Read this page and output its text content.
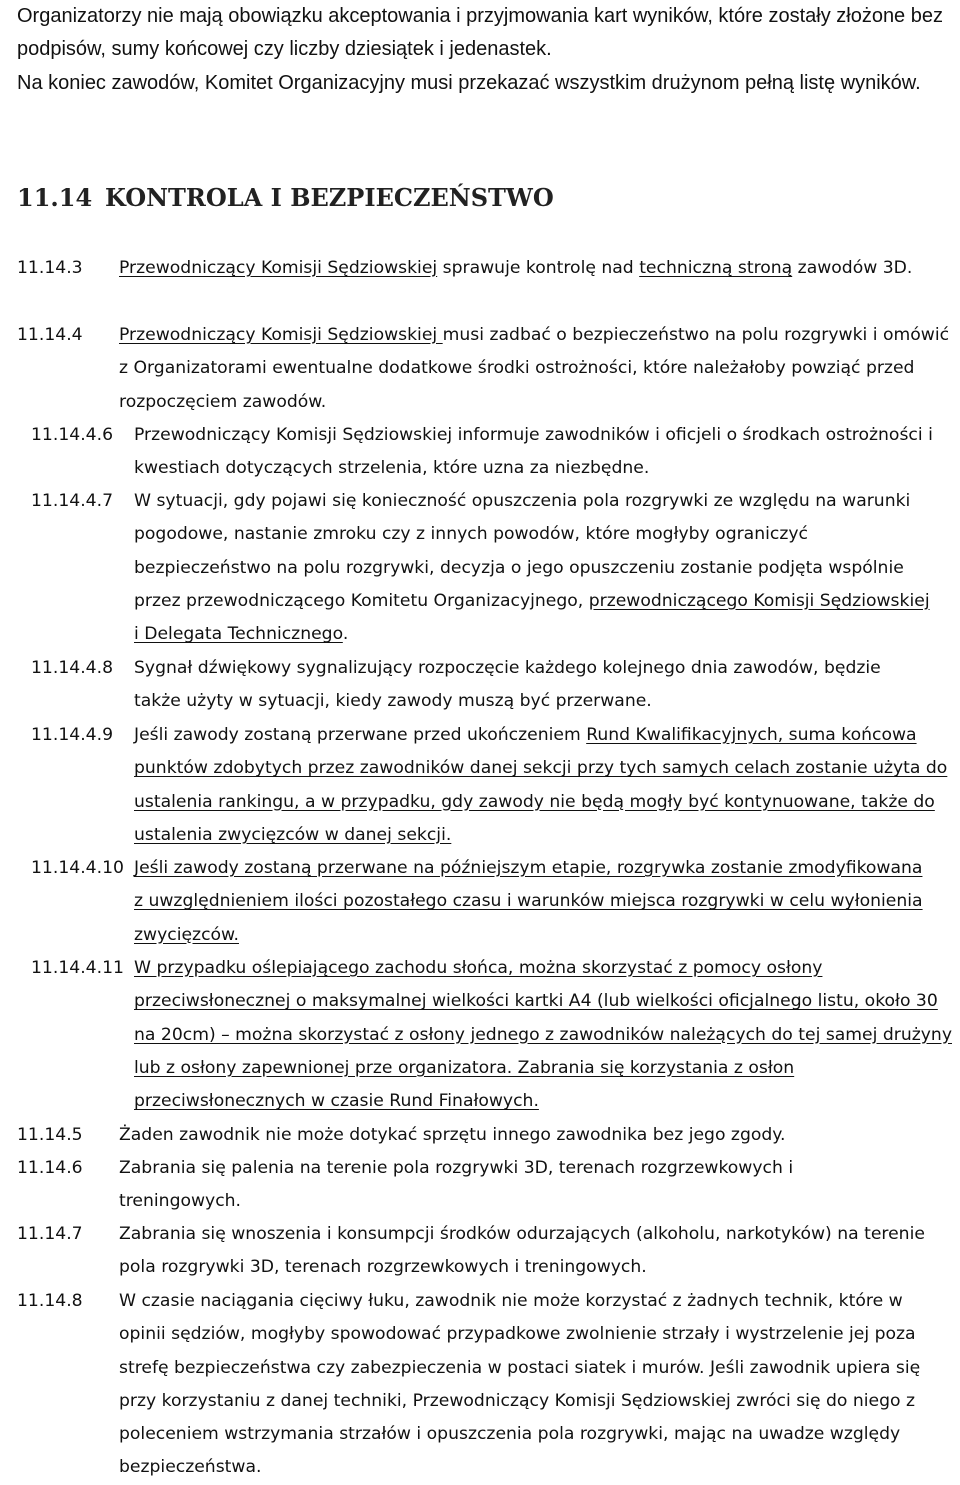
Organizatorzy nie mają obowiązku akceptowania i przyjmowania kart wyników, które zostały złożone bez podpisów, sumy końcowej czy liczby dziesiątek i jedenastek.
Na koniec zawodów, Komitet Organizacyjny musi przekazać wszystkim drużynom pełną listę wyników.
11.14 KONTROLA I BEZPIECZEŃSTWO
11.14.3	Przewodniczący Komisji Sędziowskiej sprawuje kontrolę nad techniczną stroną zawodów 3D.
11.14.4	Przewodniczący Komisji Sędziowskiej musi zadbać o bezpieczeństwo na polu rozgrywki i omówić z Organizatorami ewentualne dodatkowe środki ostrożności, które należałoby powziąć przed rozpoczęciem zawodów.
11.14.4.6	Przewodniczący Komisji Sędziowskiej informuje zawodników i oficjeli o środkach ostrożności i kwestiach dotyczących strzelenia, które uzna za niezbędne.
11.14.4.7	W sytuacji, gdy pojawi się konieczność opuszczenia pola rozgrywki ze względu na warunki pogodowe, nastanie zmroku czy z innych powodów, które mogłyby ograniczyć bezpieczeństwo na polu rozgrywki, decyzja o jego opuszczeniu zostanie podjęta wspólnie przez przewodniczącego Komitetu Organizacyjnego, przewodniczącego Komisji Sędziowskiej i Delegata Technicznego.
11.14.4.8	Sygnał dźwiękowy sygnalizujący rozpoczęcie każdego kolejnego dnia zawodów, będzie także użyty w sytuacji, kiedy zawody muszą być przerwane.
11.14.4.9	Jeśli zawody zostaną przerwane przed ukończeniem Rund Kwalifikacyjnych, suma końcowa punktów zdobytych przez zawodników danej sekcji przy tych samych celach zostanie użyta do ustalenia rankingu, a w przypadku, gdy zawody nie będą mogły być kontynuowane, także do ustalenia zwycięzców w danej sekcji.
11.14.4.10 Jeśli zawody zostaną przerwane na późniejszym etapie, rozgrywka zostanie zmodyfikowana z uwzględnieniem ilości pozostałego czasu i warunków miejsca rozgrywki w celu wyłonienia zwycięzców.
11.14.4.11 W przypadku oślepiającego zachodu słońca, można skorzystać z pomocy osłony przeciwsłonecznej o maksymalnej wielkości kartki A4 (lub wielkości oficjalnego listu, około 30 na 20cm) – można skorzystać z osłony jednego z zawodników należących do tej samej drużyny lub z osłony zapewnionej prze organizatora. Zabrania się korzystania z osłon przeciwsłonecznych w czasie Rund Finałowych.
11.14.5	Żaden zawodnik nie może dotykać sprzętu innego zawodnika bez jego zgody.
11.14.6	Zabrania się palenia na terenie pola rozgrywki 3D, terenach rozgrzewkowych i treningowych.
11.14.7	Zabrania się wnoszenia i konsumpcji środków odurzających (alkoholu, narkotyków) na terenie pola rozgrywki 3D, terenach rozgrzewkowych i treningowych.
11.14.8	W czasie naciągania cięciwy łuku, zawodnik nie może korzystać z żadnych technik, które w opinii sędziów, mogłyby spowodować przypadkowe zwolnienie strzały i wystrzelenie jej poza strefę bezpieczeństwa czy zabezpieczenia w postaci siatek i murów. Jeśli zawodnik upiera się przy korzystaniu z danej techniki, Przewodniczący Komisji Sędziowskiej zwróci się do niego z poleceniem wstrzymania strzałów i opuszczenia pola rozgrywki, mając na uwadze względy bezpieczeństwa.
